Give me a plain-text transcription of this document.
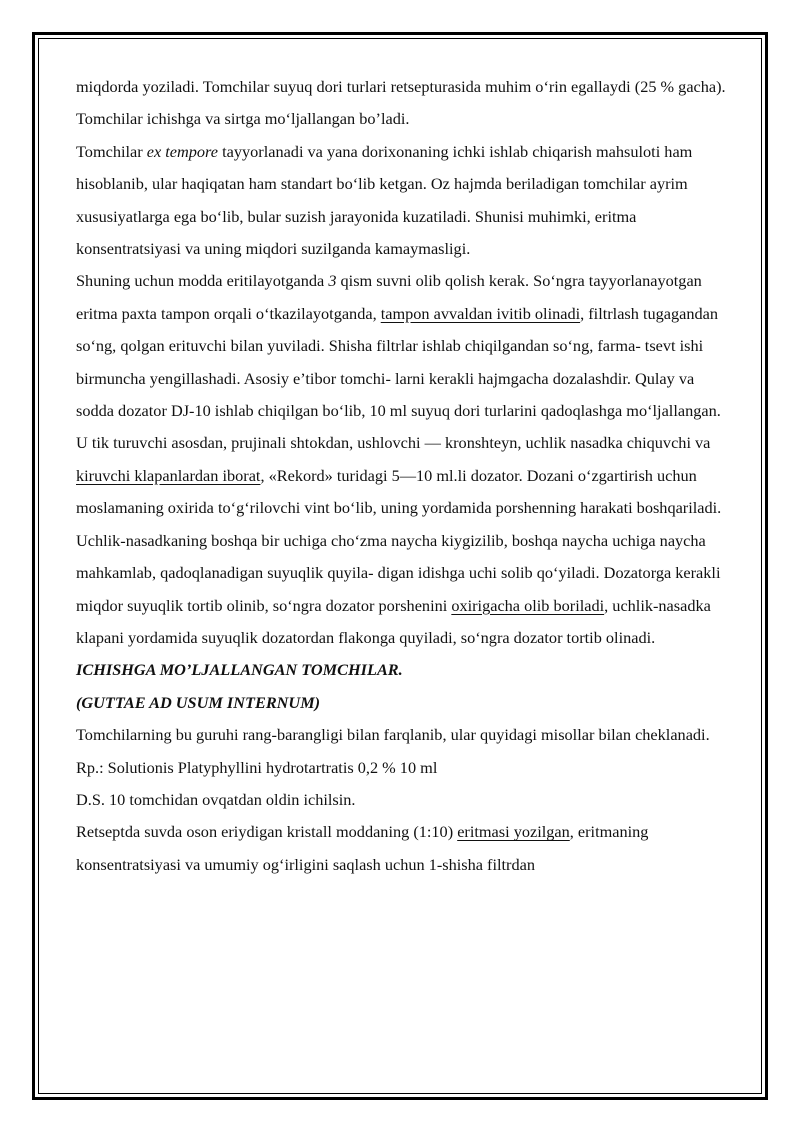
miqdorda yoziladi. Tomchilar suyuq dori turlari retsepturasida muhim o‘rin egallaydi (25 % gacha). Tomchilar ichishga va sirtga mo‘ljallangan bo’ladi.

Tomchilar ex tempore tayyorlanadi va yana dorixonaning ichki ishlab chiqarish mahsuloti ham hisoblanib, ular haqiqatan ham standart bo‘lib ketgan. Oz hajmda beriladigan tomchilar ayrim xususiyatlarga ega bo‘lib, bular suzish jarayonida kuzatiladi. Shunisi muhimki, eritma konsentratsiyasi va uning miqdori suzilganda kamaymasligi.

Shuning uchun modda eritilayotganda 3 qism suvni olib qolish kerak. So‘ngra tayyorlanayotgan eritma paxta tampon orqali o‘tkazilayotganda, tampon avvaldan ivitib olinadi, filtrlash tugagandan so‘ng, qolgan erituvchi bilan yuviladi. Shisha filtrlar ishlab chiqilgandan so‘ng, farma- tsevt ishi birmuncha yengillashadi. Asosiy e’tibor tomchi- larni kerakli hajmgacha dozalashdir. Qulay va sodda dozator DJ-10 ishlab chiqilgan bo‘lib, 10 ml suyuq dori turlarini qadoqlashga mo‘ljallangan. U tik turuvchi asosdan, prujinali shtokdan, ushlovchi — kronshteyn, uchlik nasadka chiquvchi va kiruvchi klapanlardan iborat, «Rekord» turidagi 5—10 ml.li dozator. Dozani o‘zgartirish uchun moslamaning oxirida to‘g‘rilovchi vint bo‘lib, uning yordamida porshenning harakati boshqariladi. Uchlik-nasadkaning boshqa bir uchiga cho‘zma naycha kiygizilib, boshqa naycha uchiga naycha mahkamlab, qadoqlanadigan suyuqlik quyila- digan idishga uchi solib qo‘yiladi. Dozatorga kerakli miqdor suyuqlik tortib olinib, so‘ngra dozator porshenini oxirigacha olib boriladi, uchlik-nasadka klapani yordamida suyuqlik dozatordan flakonga quyiladi, so‘ngra dozator tortib olinadi.

ICHISHGA MO’LJALLANGAN TOMCHILAR.

(GUTTAE AD USUM INTERNUM)

Tomchilarning bu guruhi rang-barangligi bilan farqlanib, ular quyidagi misollar bilan cheklanadi.

Rp.: Solutionis Platyphyllini hydrotartratis 0,2 % 10 ml

D.S. 10 tomchidan ovqatdan oldin ichilsin.

Retseptda suvda oson eriydigan kristall moddaning (1:10) eritmasi yozilgan, eritmaning konsentratsiyasi va umumiy og‘irligini saqlash uchun 1-shisha filtrdan
